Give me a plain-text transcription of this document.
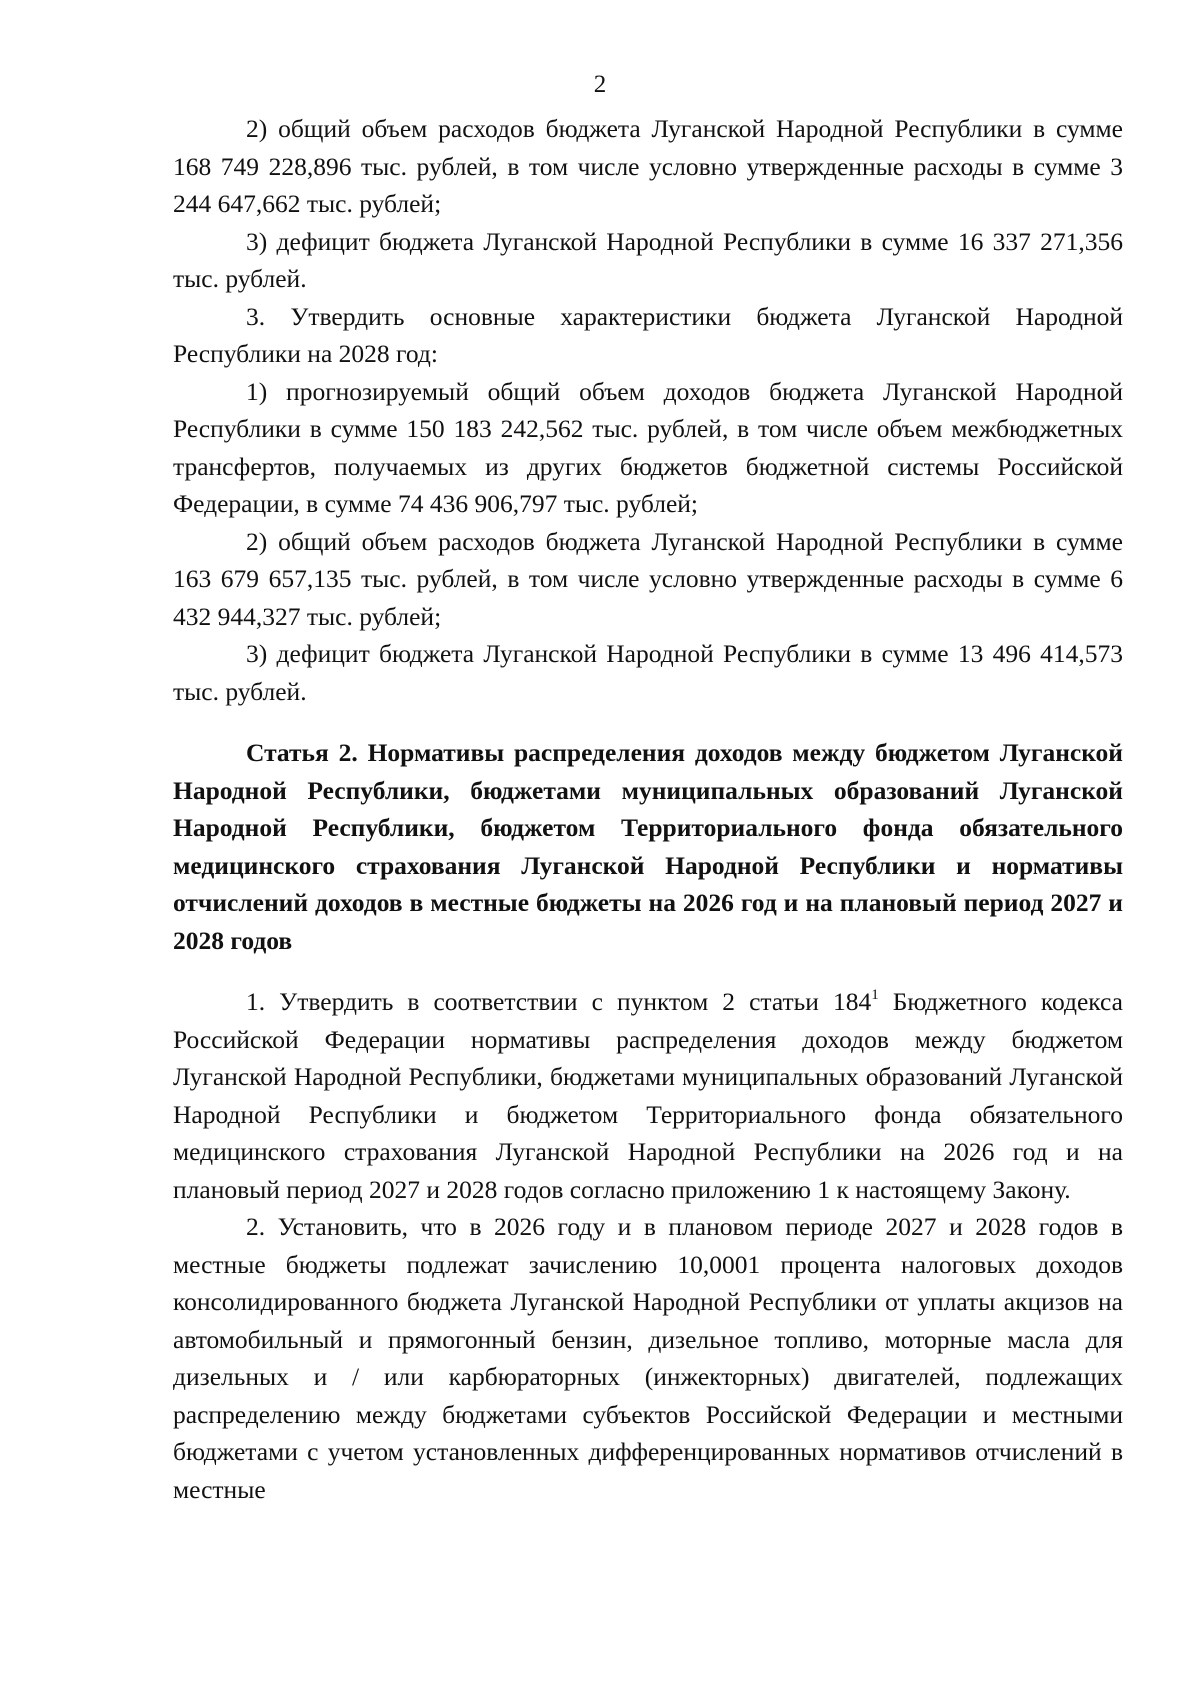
2

2) общий объем расходов бюджета Луганской Народной Республики в сумме 168 749 228,896 тыс. рублей, в том числе условно утвержденные расходы в сумме 3 244 647,662 тыс. рублей;

3) дефицит бюджета Луганской Народной Республики в сумме 16 337 271,356 тыс. рублей.

3. Утвердить основные характеристики бюджета Луганской Народной Республики на 2028 год:

1) прогнозируемый общий объем доходов бюджета Луганской Народной Республики в сумме 150 183 242,562 тыс. рублей, в том числе объем межбюджетных трансфертов, получаемых из других бюджетов бюджетной системы Российской Федерации, в сумме 74 436 906,797 тыс. рублей;

2) общий объем расходов бюджета Луганской Народной Республики в сумме 163 679 657,135 тыс. рублей, в том числе условно утвержденные расходы в сумме 6 432 944,327 тыс. рублей;

3) дефицит бюджета Луганской Народной Республики в сумме 13 496 414,573 тыс. рублей.

Статья 2. Нормативы распределения доходов между бюджетом Луганской Народной Республики, бюджетами муниципальных образований Луганской Народной Республики, бюджетом Территориального фонда обязательного медицинского страхования Луганской Народной Республики и нормативы отчислений доходов в местные бюджеты на 2026 год и на плановый период 2027 и 2028 годов

1. Утвердить в соответствии с пунктом 2 статьи $184^1$ Бюджетного кодекса Российской Федерации нормативы распределения доходов между бюджетом Луганской Народной Республики, бюджетами муниципальных образований Луганской Народной Республики и бюджетом Территориального фонда обязательного медицинского страхования Луганской Народной Республики на 2026 год и на плановый период 2027 и 2028 годов согласно приложению 1 к настоящему Закону.

2. Установить, что в 2026 году и в плановом периоде 2027 и 2028 годов в местные бюджеты подлежат зачислению 10,0001 процента налоговых доходов консолидированного бюджета Луганской Народной Республики от уплаты акцизов на автомобильный и прямогонный бензин, дизельное топливо, моторные масла для дизельных и / или карбюраторных (инжекторных) двигателей, подлежащих распределению между бюджетами субъектов Российской Федерации и местными бюджетами с учетом установленных дифференцированных нормативов отчислений в местные
